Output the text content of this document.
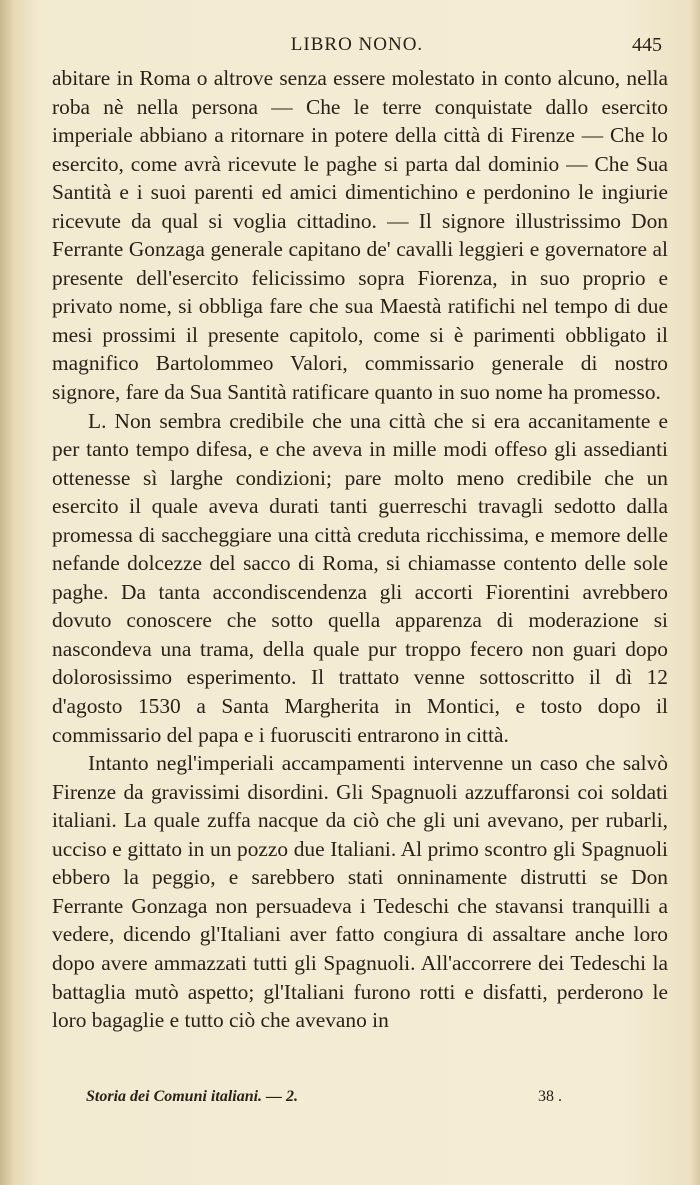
LIBRO NONO.	445

abitare in Roma o altrove senza essere molestato in conto alcuno, nella roba nè nella persona — Che le terre conquistate dallo esercito imperiale abbiano a ritornare in potere della città di Firenze — Che lo esercito, come avrà ricevute le paghe si parta dal dominio — Che Sua Santità e i suoi parenti ed amici dimentichino e perdonino le ingiurie ricevute da qual si voglia cittadino. — Il signore illustrissimo Don Ferrante Gonzaga generale capitano de' cavalli leggieri e governatore al presente dell'esercito felicissimo sopra Fiorenza, in suo proprio e privato nome, si obbliga fare che sua Maestà ratifichi nel tempo di due mesi prossimi il presente capitolo, come si è parimenti obbligato il magnifico Bartolommeo Valori, commissario generale di nostro signore, fare da Sua Santità ratificare quanto in suo nome ha promesso.

L. Non sembra credibile che una città che si era accanitamente e per tanto tempo difesa, e che aveva in mille modi offeso gli assedianti ottenesse sì larghe condizioni; pare molto meno credibile che un esercito il quale aveva durati tanti guerreschi travagli sedotto dalla promessa di saccheggiare una città creduta ricchissima, e memore delle nefande dolcezze del sacco di Roma, si chiamasse contento delle sole paghe. Da tanta accondiscendenza gli accorti Fiorentini avrebbero dovuto conoscere che sotto quella apparenza di moderazione si nascondeva una trama, della quale pur troppo fecero non guari dopo dolorosissimo esperimento. Il trattato venne sottoscritto il dì 12 d'agosto 1530 a Santa Margherita in Montici, e tosto dopo il commissario del papa e i fuorusciti entrarono in città.

Intanto negl'imperiali accampamenti intervenne un caso che salvò Firenze da gravissimi disordini. Gli Spagnuoli azzuffaronsi coi soldati italiani. La quale zuffa nacque da ciò che gli uni avevano, per rubarli, ucciso e gittato in un pozzo due Italiani. Al primo scontro gli Spagnuoli ebbero la peggio, e sarebbero stati onninamente distrutti se Don Ferrante Gonzaga non persuadeva i Tedeschi che stavansi tranquilli a vedere, dicendo gl'Italiani aver fatto congiura di assaltare anche loro dopo avere ammazzati tutti gli Spagnuoli. All'accorrere dei Tedeschi la battaglia mutò aspetto; gl'Italiani furono rotti e disfatti, perderono le loro bagaglie e tutto ciò che avevano in

Storia dei Comuni italiani. — 2.	38 .
